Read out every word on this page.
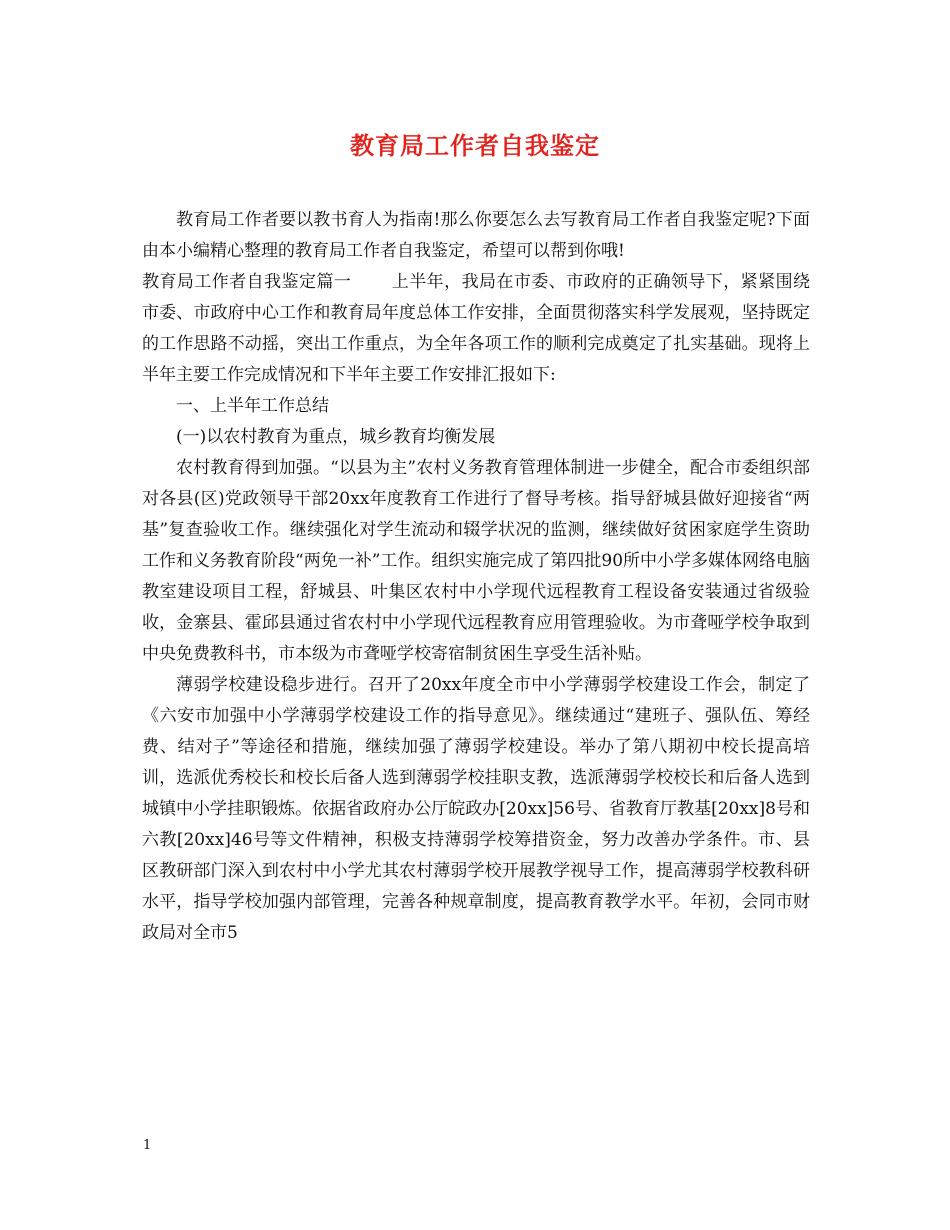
教育局工作者自我鉴定

教育局工作者要以教书育人为指南!那么你要怎么去写教育局工作者自我鉴定呢?下面由本小编精心整理的教育局工作者自我鉴定，希望可以帮到你哦!

教育局工作者自我鉴定篇一 上半年，我局在市委、市政府的正确领导下，紧紧围绕市委、市政府中心工作和教育局年度总体工作安排，全面贯彻落实科学发展观，坚持既定的工作思路不动摇，突出工作重点，为全年各项工作的顺利完成奠定了扎实基础。现将上半年主要工作完成情况和下半年主要工作安排汇报如下:

一、上半年工作总结

(一)以农村教育为重点，城乡教育均衡发展

农村教育得到加强。“以县为主”农村义务教育管理体制进一步健全，配合市委组织部对各县(区)党政领导干部20xx年度教育工作进行了督导考核。指导舒城县做好迎接省“两基”复查验收工作。继续强化对学生流动和辍学状况的监测，继续做好贫困家庭学生资助工作和义务教育阶段“两免一补”工作。组织实施完成了第四批90所中小学多媒体网络电脑教室建设项目工程，舒城县、叶集区农村中小学现代远程教育工程设备安装通过省级验收，金寨县、霍邱县通过省农村中小学现代远程教育应用管理验收。为市聋哑学校争取到中央免费教科书，市本级为市聋哑学校寄宿制贫困生享受生活补贴。

薄弱学校建设稳步进行。召开了20xx年度全市中小学薄弱学校建设工作会，制定了《六安市加强中小学薄弱学校建设工作的指导意见》。继续通过“建班子、强队伍、筹经费、结对子”等途径和措施，继续加强了薄弱学校建设。举办了第八期初中校长提高培训，选派优秀校长和校长后备人选到薄弱学校挂职支教，选派薄弱学校校长和后备人选到城镇中小学挂职锻炼。依据省政府办公厅皖政办[20xx]56号、省教育厅教基[20xx]8号和六教[20xx]46号等文件精神，积极支持薄弱学校筹措资金，努力改善办学条件。市、县区教研部门深入到农村中小学尤其农村薄弱学校开展教学视导工作，提高薄弱学校教科研水平，指导学校加强内部管理，完善各种规章制度，提高教育教学水平。年初，会同市财政局对全市5

1
